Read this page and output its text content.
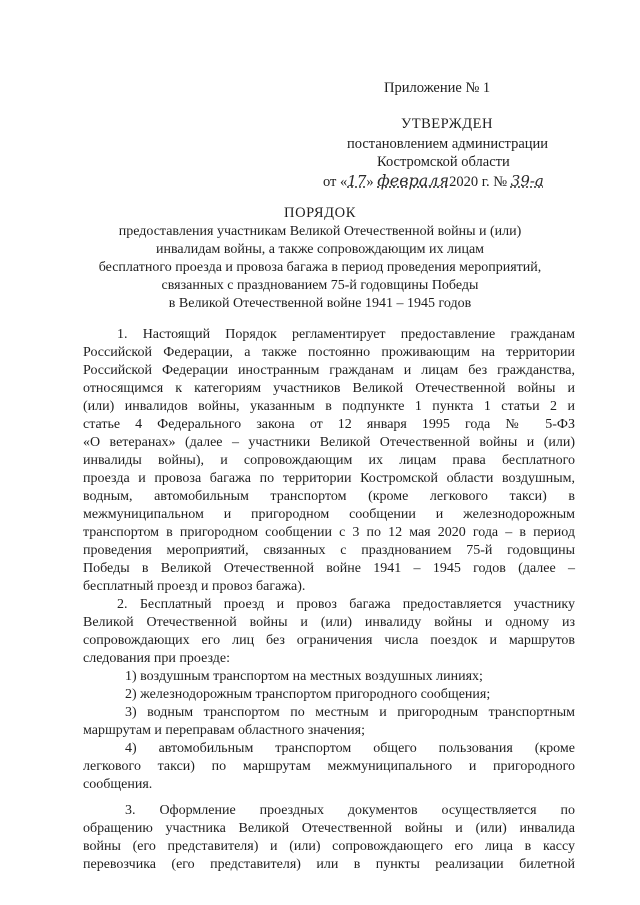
Приложение № 1
УТВЕРЖДЕН
постановлением администрации
Костромской области
от «17» февраля2020 г. № 39-а
ПОРЯДОК
предоставления участникам Великой Отечественной войны и (или)
инвалидам войны, а также сопровождающим их лицам
бесплатного проезда и провоза багажа в период проведения мероприятий,
связанных с празднованием 75-й годовщины Победы
в Великой Отечественной войне 1941 – 1945 годов
1. Настоящий Порядок регламентирует предоставление гражданам
Российской Федерации, а также постоянно проживающим на территории
Российской Федерации иностранным гражданам и лицам без гражданства,
относящимся к категориям участников Великой Отечественной войны и
(или) инвалидов войны, указанным в подпункте 1 пункта 1 статьи 2 и
статье 4 Федерального закона от 12 января 1995 года № 5-ФЗ
«О ветеранах» (далее – участники Великой Отечественной войны и (или)
инвалиды войны), и сопровождающим их лицам права бесплатного
проезда и провоза багажа по территории Костромской области воздушным,
водным, автомобильным транспортом (кроме легкового такси) в
межмуниципальном и пригородном сообщении и железнодорожным
транспортом в пригородном сообщении с 3 по 12 мая 2020 года – в период
проведения мероприятий, связанных с празднованием 75-й годовщины
Победы в Великой Отечественной войне 1941 – 1945 годов (далее –
бесплатный проезд и провоз багажа).
2. Бесплатный проезд и провоз багажа предоставляется участнику
Великой Отечественной войны и (или) инвалиду войны и одному из
сопровождающих его лиц без ограничения числа поездок и маршрутов
следования при проезде:
1) воздушным транспортом на местных воздушных линиях;
2) железнодорожным транспортом пригородного сообщения;
3) водным транспортом по местным и пригородным транспортным
маршрутам и переправам областного значения;
4) автомобильным транспортом общего пользования (кроме
легкового такси) по маршрутам межмуниципального и пригородного
сообщения.
3. Оформление проездных документов осуществляется по
обращению участника Великой Отечественной войны и (или) инвалида
войны (его представителя) и (или) сопровождающего его лица в кассу
перевозчика (его представителя) или в пункты реализации билетной
